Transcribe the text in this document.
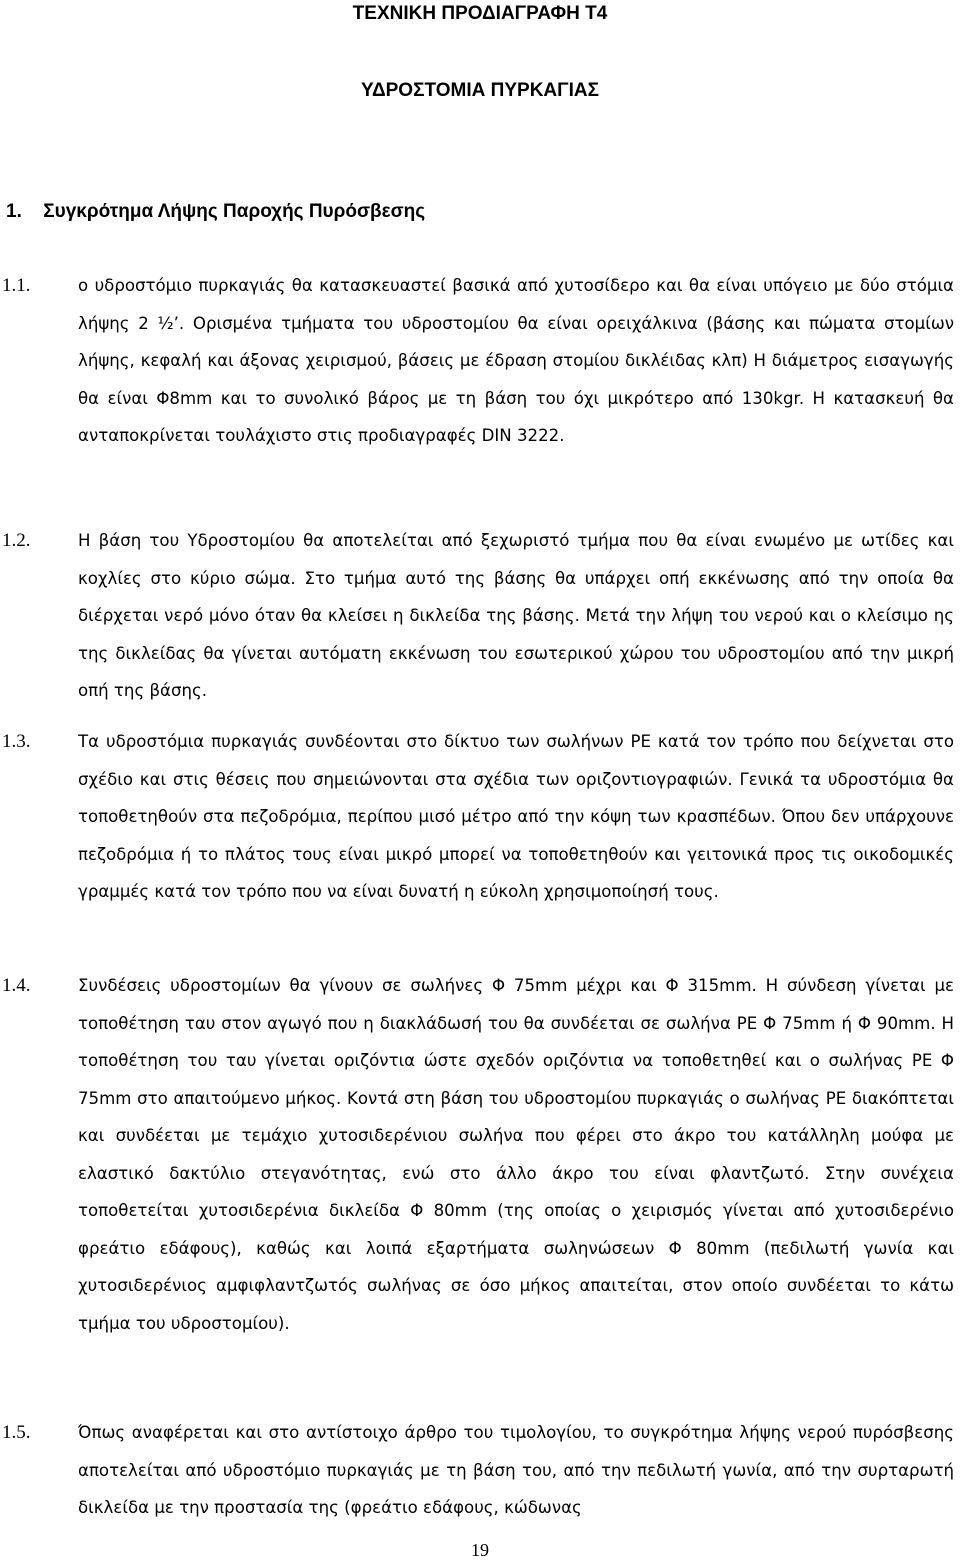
ΤΕΧΝΙΚΗ ΠΡΟΔΙΑΓΡΑΦΗ Τ4
ΥΔΡΟΣΤΟΜΙΑ ΠΥΡΚΑΓΙΑΣ
1. Συγκρότημα Λήψης Παροχής Πυρόσβεσης
1.1.	ο υδροστόμιο πυρκαγιάς θα κατασκευαστεί βασικά από χυτοσίδερο και θα είναι υπόγειο με δύο στόμια λήψης 2 ½’. Ορισμένα τμήματα του υδροστομίου θα είναι ορειχάλκινα (βάσης και πώματα στομίων λήψης, κεφαλή και άξονας χειρισμού, βάσεις με έδραση στομίου δικλέιδας κλπ) Η διάμετρος εισαγωγής θα είναι Φ8mm και το συνολικό βάρος με τη βάση του όχι μικρότερο από 130kgr. Η κατασκευή θα ανταποκρίνεται τουλάχιστο στις προδιαγραφές DIN 3222.

1.2.	Η βάση του Υδροστομίου θα αποτελείται από ξεχωριστό τμήμα που θα είναι ενωμένο με ωτίδες και κοχλίες στο κύριο σώμα. Στο τμήμα αυτό της βάσης θα υπάρχει οπή εκκένωσης από την οποία θα διέρχεται νερό μόνο όταν θα κλείσει η δικλείδα της βάσης. Μετά την λήψη του νερού και ο κλείσιμο ης της δικλείδας θα γίνεται αυτόματη εκκένωση του εσωτερικού χώρου του υδροστομίου από την μικρή οπή της βάσης.

1.3.	Τα υδροστόμια πυρκαγιάς συνδέονται στο δίκτυο των σωλήνων PE κατά τον τρόπο που δείχνεται στο σχέδιο και στις θέσεις που σημειώνονται στα σχέδια των οριζοντιογραφιών. Γενικά τα υδροστόμια θα τοποθετηθούν στα πεζοδρόμια, περίπου μισό μέτρο από την κόψη των κρασπέδων. Όπου δεν υπάρχουνε πεζοδρόμια ή το πλάτος τους είναι μικρό μπορεί να τοποθετηθούν και γειτονικά προς τις οικοδομικές γραμμές κατά τον τρόπο που να είναι δυνατή η εύκολη χρησιμοποίησή τους.

1.4.	Συνδέσεις υδροστομίων θα γίνουν σε σωλήνες Φ 75mm μέχρι και Φ 315mm. Η σύνδεση γίνεται με τοποθέτηση ταυ στον αγωγό που η διακλάδωσή του θα συνδέεται σε σωλήνα PE Φ 75mm ή Φ 90mm. Η τοποθέτηση του ταυ γίνεται οριζόντια ώστε σχεδόν οριζόντια να τοποθετηθεί και ο σωλήνας PE Φ 75mm στο απαιτούμενο μήκος. Κοντά στη βάση του υδροστομίου πυρκαγιάς ο σωλήνας PE διακόπτεται και συνδέεται με τεμάχιο χυτοσιδερένιου σωλήνα που φέρει στο άκρο του κατάλληλη μούφα με ελαστικό δακτύλιο στεγανότητας, ενώ στο άλλο άκρο του είναι φλαντζωτό. Στην συνέχεια τοποθετείται χυτοσιδερένια δικλείδα Φ 80mm (της οποίας ο χειρισμός γίνεται από χυτοσιδερένιο φρεάτιο εδάφους), καθώς και λοιπά εξαρτήματα σωληνώσεων Φ 80mm (πεδιλωτή γωνία και χυτοσιδερένιος αμφιφλαντζωτός σωλήνας σε όσο μήκος απαιτείται, στον οποίο συνδέεται το κάτω τμήμα του υδροστομίου).

1.5.	Όπως αναφέρεται και στο αντίστοιχο άρθρο του τιμολογίου, το συγκρότημα λήψης νερού πυρόσβεσης αποτελείται από υδροστόμιο πυρκαγιάς με τη βάση του, από την πεδιλωτή γωνία, από την συρταρωτή δικλείδα με την προστασία της (φρεάτιο εδάφους, κώδωνας

19
